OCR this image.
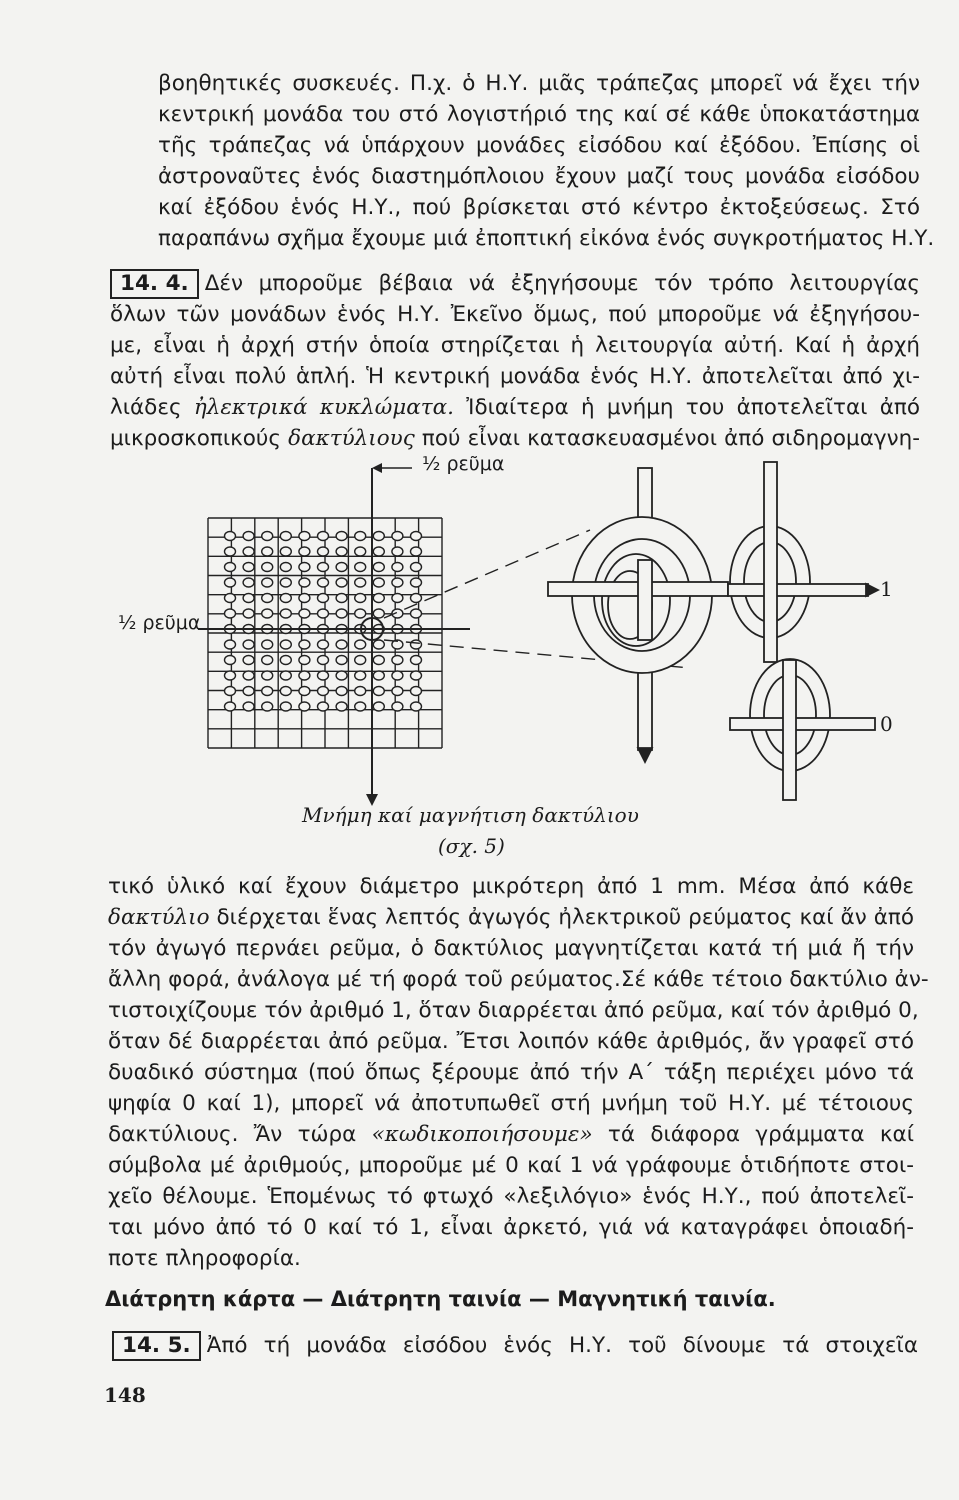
βοηθητικές συσκευές. Π.χ. ὁ Η.Υ. μιᾶς τράπεζας μπορεῖ νά ἔχει τήν
κεντρική μονάδα του στό λογιστήριό της καί σέ κάθε ὑποκατάστημα
τῆς τράπεζας νά ὑπάρχουν μονάδες εἰσόδου καί ἐξόδου. Ἐπίσης οἱ
ἀστροναῦτες ἑνός διαστημόπλοιου ἔχουν μαζί τους μονάδα εἰσόδου
καί ἐξόδου ἑνός Η.Υ., πού βρίσκεται στό κέντρο ἐκτοξεύσεως. Στό
παραπάνω σχῆμα ἔχουμε μιά ἐποπτική εἰκόνα ἑνός συγκροτήματος Η.Υ.
14. 4. Δέν μποροῦμε βέβαια νά ἐξηγήσουμε τόν τρόπο λειτουργίας
ὅλων τῶν μονάδων ἑνός Η.Υ. Ἐκεῖνο ὅμως, πού μποροῦμε νά ἐξηγήσου-
με, εἶναι ἡ ἀρχή στήν ὁποία στηρίζεται ἡ λειτουργία αὐτή. Καί ἡ ἀρχή
αὐτή εἶναι πολύ ἁπλή. Ἡ κεντρική μονάδα ἑνός Η.Υ. ἀποτελεῖται ἀπό χι-
λιάδες ἠλεκτρικά κυκλώματα. Ἰδιαίτερα ἡ μνήμη του ἀποτελεῖται ἀπό
μικροσκοπικούς δακτύλιους πού εἶναι κατασκευασμένοι ἀπό σιδηρομαγνη-
½ ρεῦμα
½ ρεῦμα
1
0
Μνήμη καί μαγνήτιση δακτύλιου
(σχ. 5)
τικό ὑλικό καί ἔχουν διάμετρο μικρότερη ἀπό 1 mm. Μέσα ἀπό κάθε
δακτύλιο διέρχεται ἕνας λεπτός ἀγωγός ἠλεκτρικοῦ ρεύματος καί ἄν ἀπό
τόν ἀγωγό περνάει ρεῦμα, ὁ δακτύλιος μαγνητίζεται κατά τή μιά ἤ τήν
ἄλλη φορά, ἀνάλογα μέ τή φορά τοῦ ρεύματος.Σέ κάθε τέτοιο δακτύλιο ἀν-
τιστοιχίζουμε τόν ἀριθμό 1, ὅταν διαρρέεται ἀπό ρεῦμα, καί τόν ἀριθμό 0,
ὅταν δέ διαρρέεται ἀπό ρεῦμα. Ἔτσι λοιπόν κάθε ἀριθμός, ἄν γραφεῖ στό
δυαδικό σύστημα (πού ὅπως ξέρουμε ἀπό τήν Α΄ τάξη περιέχει μόνο τά
ψηφία 0 καί 1), μπορεῖ νά ἀποτυπωθεῖ στή μνήμη τοῦ Η.Υ. μέ τέτοιους
δακτύλιους. Ἄν τώρα «κωδικοποιήσουμε» τά διάφορα γράμματα καί
σύμβολα μέ ἀριθμούς, μποροῦμε μέ 0 καί 1 νά γράφουμε ὁτιδήποτε στοι-
χεῖο θέλουμε. Ἑπομένως τό φτωχό «λεξιλόγιο» ἑνός Η.Υ., πού ἀποτελεῖ-
ται μόνο ἀπό τό 0 καί τό 1, εἶναι ἀρκετό, γιά νά καταγράφει ὁποιαδή-
ποτε πληροφορία.
Διάτρητη κάρτα — Διάτρητη ταινία — Μαγνητική ταινία.
14. 5. Ἀπό τή μονάδα εἰσόδου ἑνός Η.Υ. τοῦ δίνουμε τά στοιχεῖα
148
